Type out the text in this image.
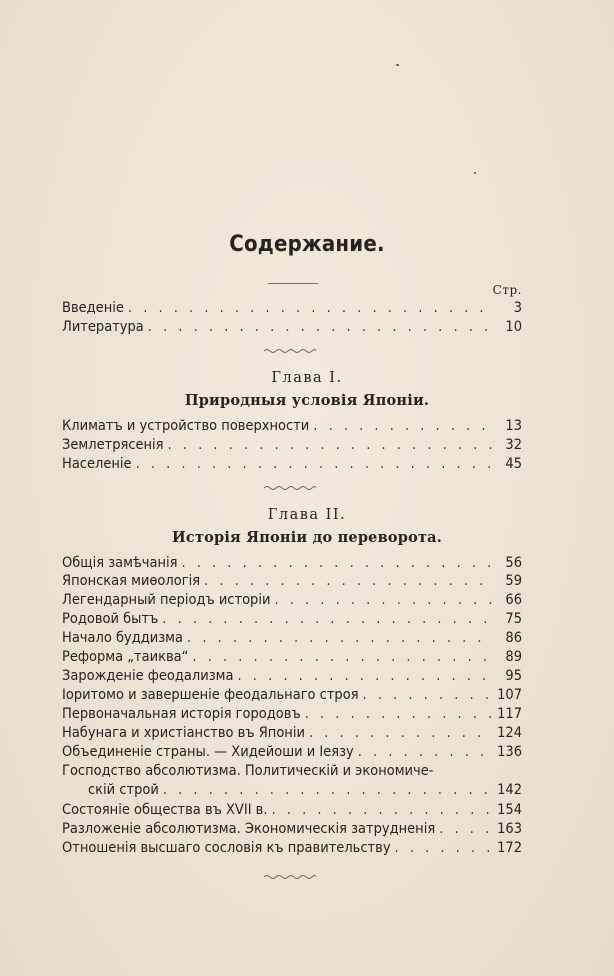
Содержание.
Стр.
Введеніе . . .	3
Литература . . .	10
Глава I.
Природныя условія Японіи.
Климатъ и устройство поверхности . . .	13
Землетрясенія . . .	32
Населеніе . . .	45
Глава II.
Исторія Японіи до переворота.
Общія замѣчанія . . .	56
Японская миѳологія . . .	59
Легендарный періодъ исторіи . . .	66
Родовой бытъ . . .	75
Начало буддизма . . .	86
Реформа „таиква“ . . .	89
Зарожденіе феодализма . . .	95
Іоритомо и завершеніе феодальнаго строя . . .	107
Первоначальная исторія городовъ . . .	117
Набунага и христіанство въ Японіи . . .	124
Объединеніе страны. — Хидейоши и Іеязу . . .	136
Господство абсолютизма. Политическій и экономиче-
скій строй . . .	142
Состояніе общества въ XVII в. . . .	154
Разложеніе абсолютизма. Экономическія затрудненія . . .	163
Отношенія высшаго сословія къ правительству . . .	172
